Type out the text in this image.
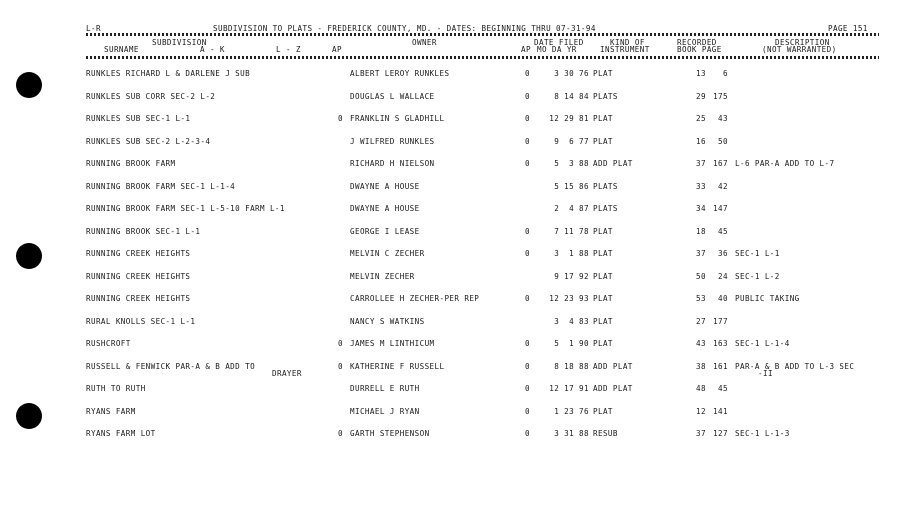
L-R	SUBDIVISION TO PLATS - FREDERICK COUNTY, MD. - DATES: BEGINNING THRU 07-31-94	PAGE 151
SUBDIVISION	OWNER	DATE FILED	KIND OF	RECORDED	DESCRIPTION
SURNAME	A - K	L - Z	AP	AP MO DA YR	INSTRUMENT	BOOK PAGE	(NOT WARRANTED)
RUNKLES RICHARD L & DARLENE J SUB	ALBERT LEROY RUNKLES	0	3 30 76 PLAT	13	6
RUNKLES SUB CORR SEC-2 L-2	DOUGLAS L WALLACE	0	8 14 84 PLATS	29 175
RUNKLES SUB SEC-1 L-1	0 FRANKLIN S GLADHILL	0	12 29 81 PLAT	25	43
RUNKLES SUB SEC-2 L-2-3-4	J WILFRED RUNKLES	0	9  6 77 PLAT	16	50
RUNNING BROOK FARM	RICHARD H NIELSON	0	5  3 88 ADD PLAT	37 167 L-6 PAR-A ADD TO L-7
RUNNING BROOK FARM SEC-1 L-1-4	DWAYNE A HOUSE	5 15 86 PLATS	33	42
RUNNING BROOK FARM SEC-1 L-5-10 FARM L-1	DWAYNE A HOUSE	2  4 87 PLATS	34 147
RUNNING BROOK SEC-1 L-1	GEORGE I LEASE	0	7 11 78 PLAT	18	45
RUNNING CREEK HEIGHTS	MELVIN C ZECHER	0	3  1 88 PLAT	37	36 SEC-1 L-1
RUNNING CREEK HEIGHTS	MELVIN ZECHER	9 17 92 PLAT	50	24 SEC-1 L-2
RUNNING CREEK HEIGHTS	CARROLLEE H ZECHER-PER REP	0	12 23 93 PLAT	53	40 PUBLIC TAKING
RURAL KNOLLS SEC-1 L-1	NANCY S WATKINS	3  4 83 PLAT	27 177
RUSHCROFT	0 JAMES M LINTHICUM	0	5  1 90 PLAT	43 163 SEC-1 L-1-4
RUSSELL & FENWICK PAR-A & B ADD TO	0 KATHERINE F RUSSELL	0	8 18 88 ADD PLAT	38 161 PAR-A & B ADD TO L-3 SEC
DRAYER	-II
RUTH TO RUTH	DURRELL E RUTH	0	12 17 91 ADD PLAT	48	45
RYANS FARM	MICHAEL J RYAN	0	1 23 76 PLAT	12 141
RYANS FARM LOT	0 GARTH STEPHENSON	0	3 31 88 RESUB	37 127 SEC-1 L-1-3
